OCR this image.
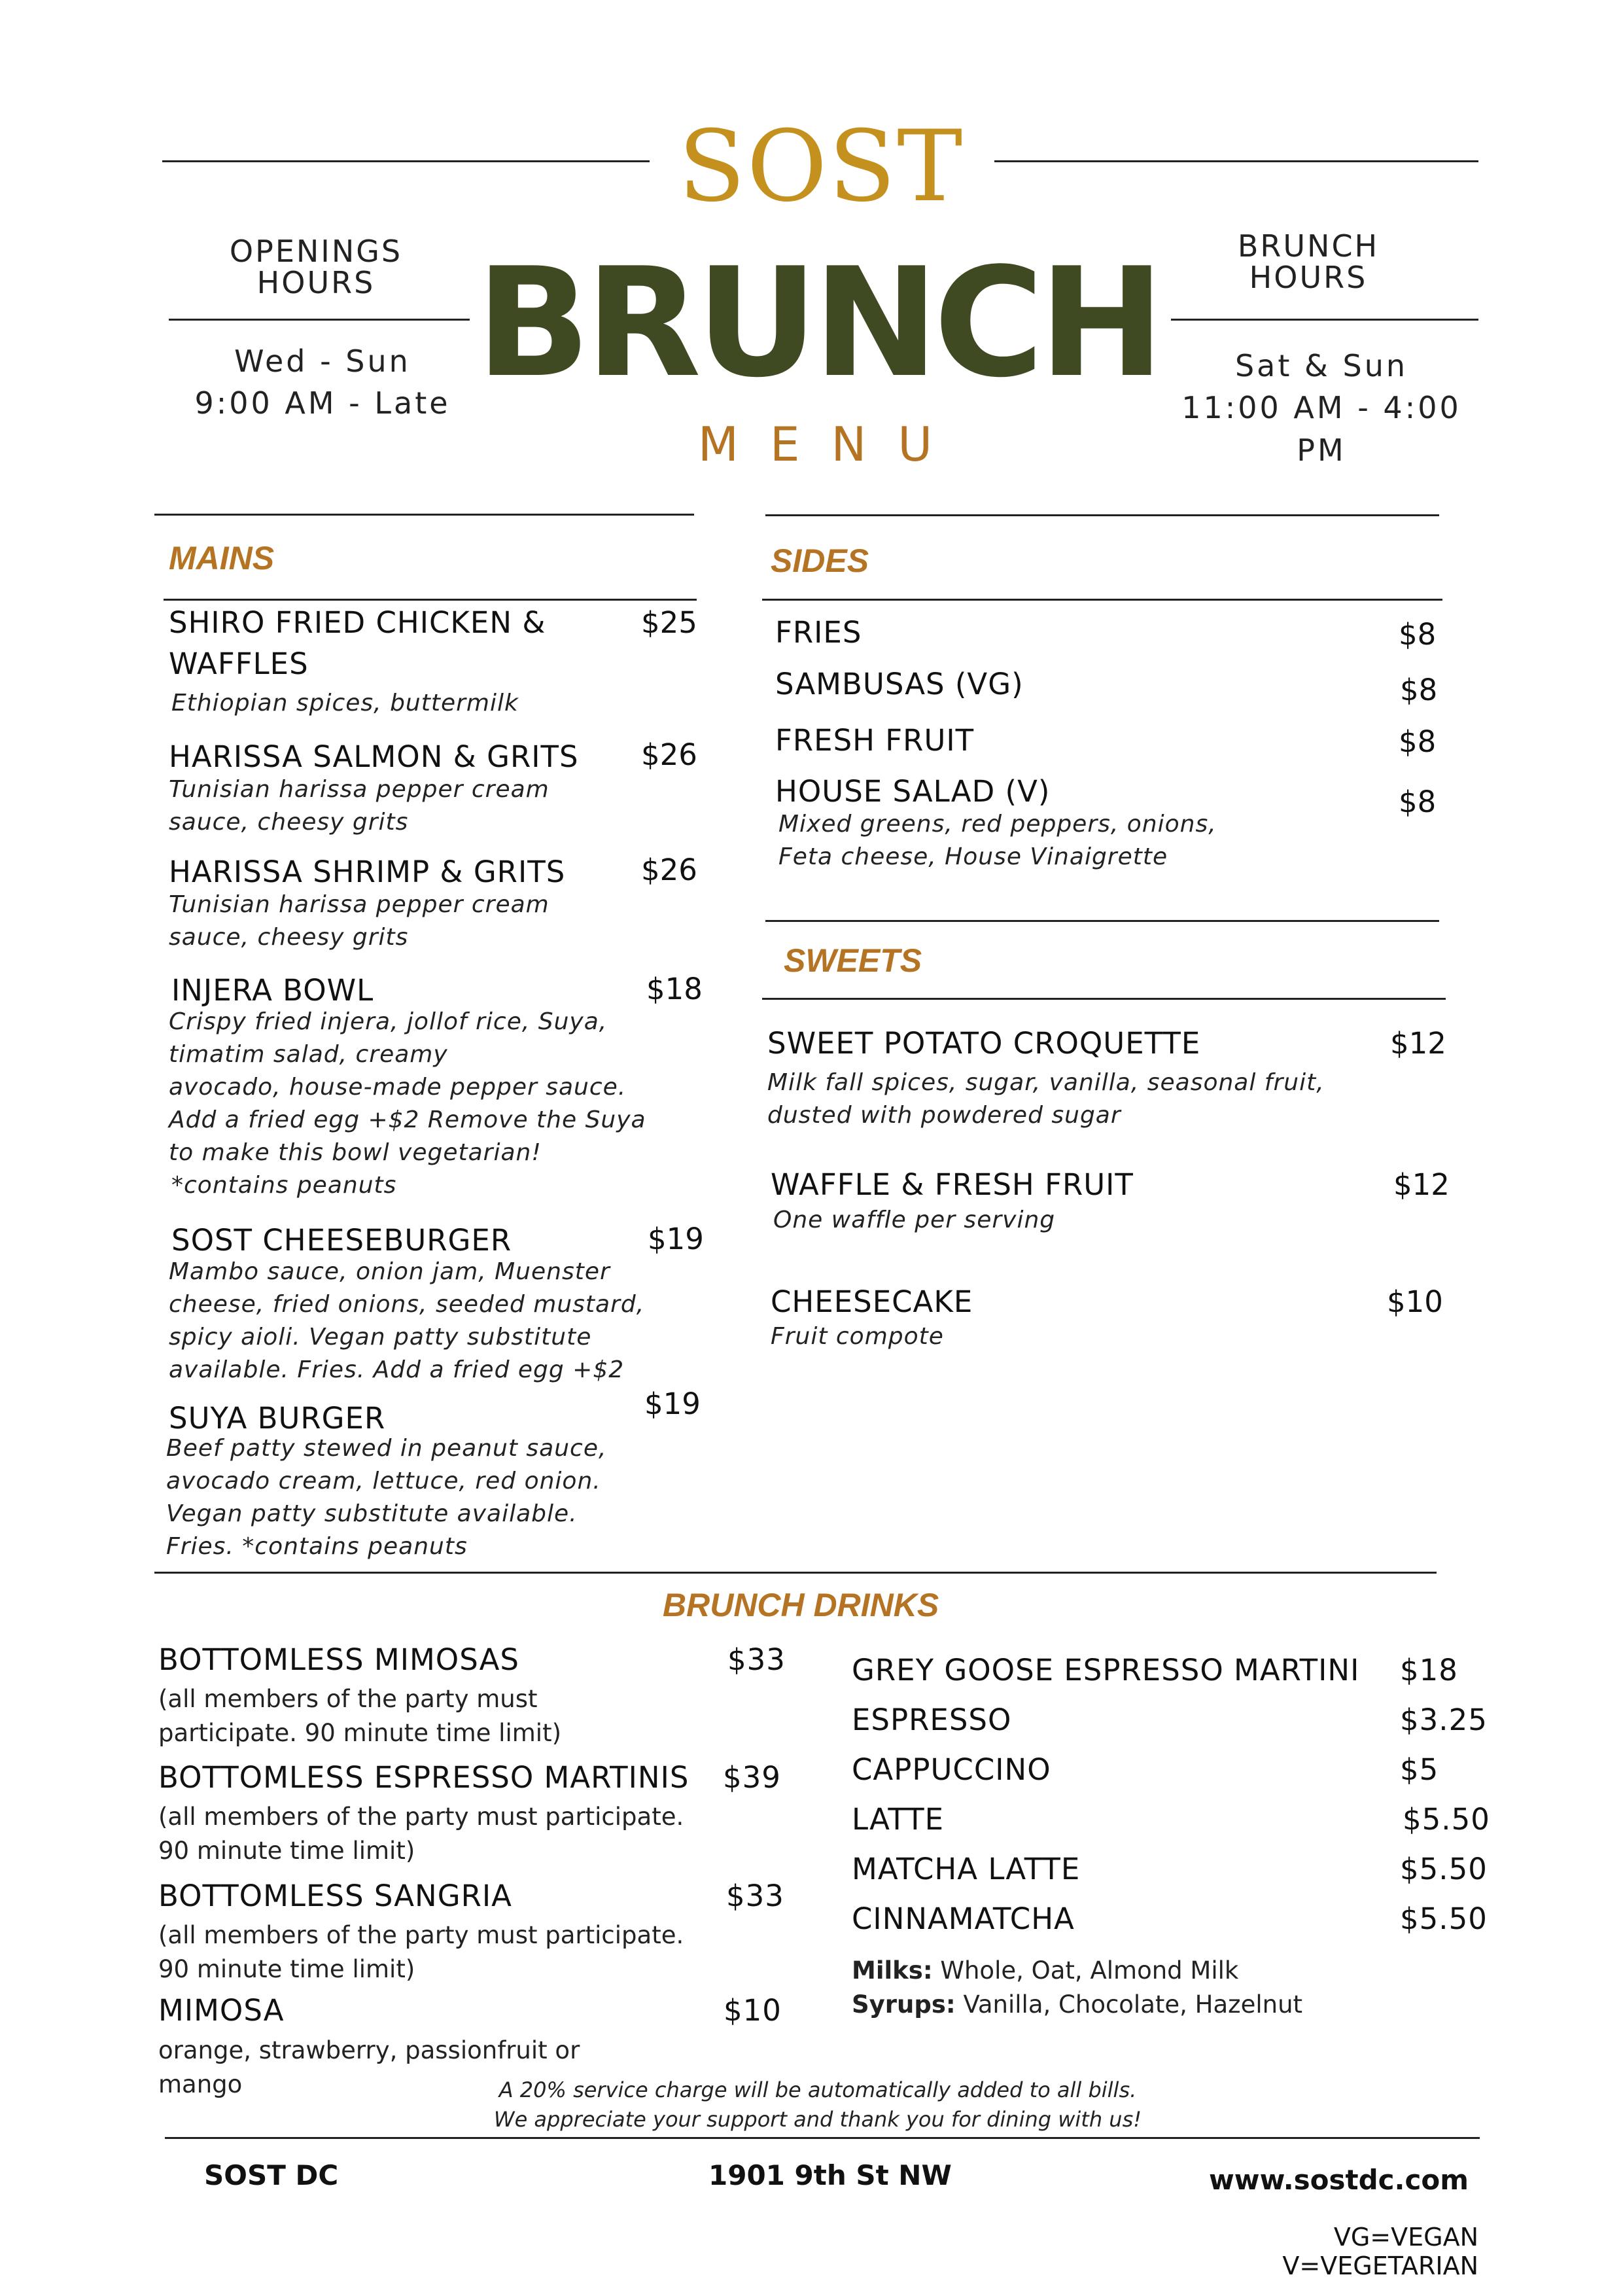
SOST
OPENINGS
HOURS
Wed - Sun
9:00 AM - Late BRUNCH
MENU
BRUNCH
HOURS
Sat & Sun
11:00 AM - 4:00 PM
MAINS
SHIRO FRIED CHICKEN &
WAFFLES
$25
Ethiopian spices, buttermilk
HARISSA SALMON & GRITS $26
Tunisian harissa pepper cream
sauce, cheesy grits
HARISSA SHRIMP & GRITS	$26
Tunisian harissa pepper cream
sauce, cheesy grits
INJERA BOWL	$18
Crispy fried injera, jollof rice, Suya,
timatim salad, creamy
avocado, house-made pepper sauce.
Add a fried egg +$2 Remove the Suya
to make this bowl vegetarian!
*contains peanuts
SOST CHEESEBURGER	$19
Mambo sauce, onion jam, Muenster
cheese, fried onions, seeded mustard,
spicy aioli. Vegan patty substitute
available. Fries. Add a fried egg +$2
SUYA BURGER	$19
Beef patty stewed in peanut sauce,
avocado cream, lettuce, red onion.
Vegan patty substitute available.
Fries. *contains peanuts
SIDES
FRIES	$8
SAMBUSAS (VG)	$8
FRESH FRUIT	$8
HOUSE SALAD (V)	$8
Mixed greens, red peppers, onions,
Feta cheese, House Vinaigrette
SWEETS
SWEET POTATO CROQUETTE	$12
Milk fall spices, sugar, vanilla, seasonal fruit,
dusted with powdered sugar
WAFFLE & FRESH FRUIT	$12
One waffle per serving
CHEESECAKE	$10
Fruit compote
BRUNCH DRINKS
BOTTOMLESS MIMOSAS	$33
(all members of the party must
participate. 90 minute time limit)
BOTTOMLESS ESPRESSO MARTINIS $39
(all members of the party must participate.
90 minute time limit)
BOTTOMLESS SANGRIA	$33
(all members of the party must participate.
90 minute time limit)
MIMOSA	$10
orange, strawberry, passionfruit or
mango
GREY GOOSE ESPRESSO MARTINI $18
ESPRESSO	$3.25
CAPPUCCINO	$5
LATTE	$5.50
MATCHA LATTE	$5.50
CINNAMATCHA	$5.50
Milks: Whole, Oat, Almond Milk
Syrups: Vanilla, Chocolate, Hazelnut
A 20% service charge will be automatically added to all bills.
We appreciate your support and thank you for dining with us!
SOST DC	1901 9th St NW	www.sostdc.com
VG=VEGAN
V=VEGETARIAN
